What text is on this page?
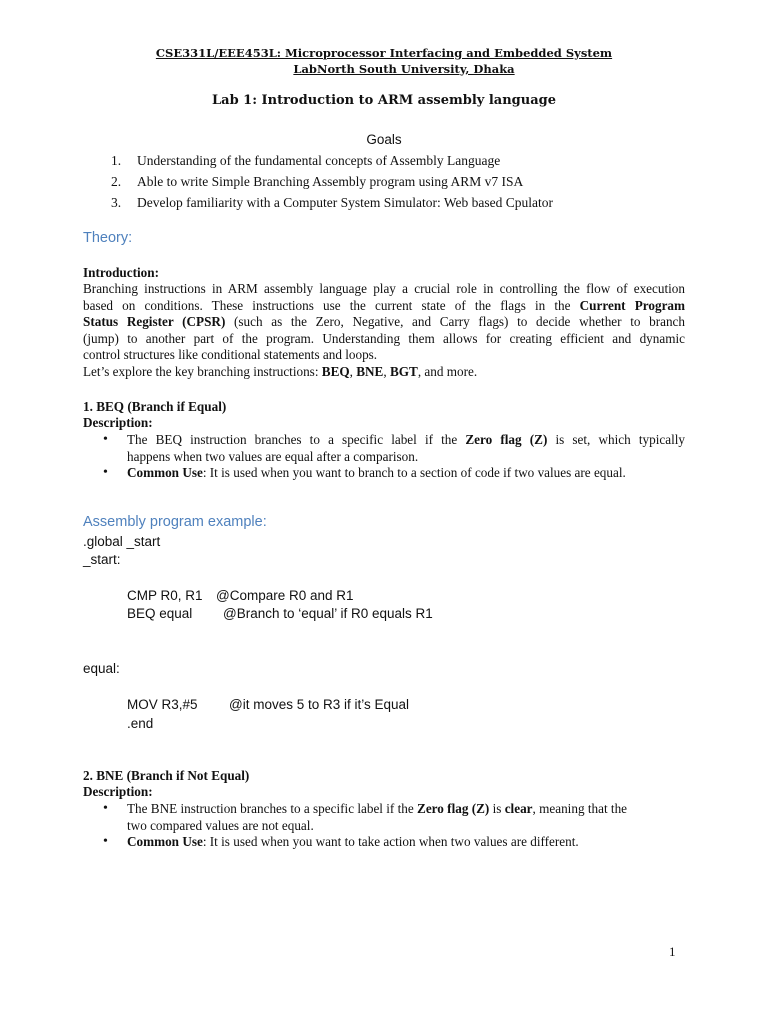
CSE331L/EEE453L: Microprocessor Interfacing and Embedded System
LabNorth South University, Dhaka
Lab 1: Introduction to ARM assembly language
Goals
1. Understanding of the fundamental concepts of Assembly Language
2. Able to write Simple Branching Assembly program using ARM v7 ISA
3. Develop familiarity with a Computer System Simulator: Web based Cpulator
Theory:
Introduction:
Branching instructions in ARM assembly language play a crucial role in controlling the flow of execution
based on conditions. These instructions use the current state of the flags in the Current Program
Status Register (CPSR) (such as the Zero, Negative, and Carry flags) to decide whether to branch
(jump) to another part of the program. Understanding them allows for creating efficient and dynamic
control structures like conditional statements and loops.
Let’s explore the key branching instructions: BEQ, BNE, BGT, and more.
1. BEQ (Branch if Equal)
Description:
• The BEQ instruction branches to a specific label if the Zero flag (Z) is set, which typically
happens when two values are equal after a comparison.
• Common Use: It is used when you want to branch to a section of code if two values are equal.
Assembly program example:
.global _start
_start:
CMP R0, R1 @Compare R0 and R1
BEQ equal @Branch to ‘equal’ if R0 equals R1
equal:
MOV R3,#5 @it moves 5 to R3 if it’s Equal
.end
2. BNE (Branch if Not Equal)
Description:
• The BNE instruction branches to a specific label if the Zero flag (Z) is clear, meaning that the
two compared values are not equal.
• Common Use: It is used when you want to take action when two values are different.
1
